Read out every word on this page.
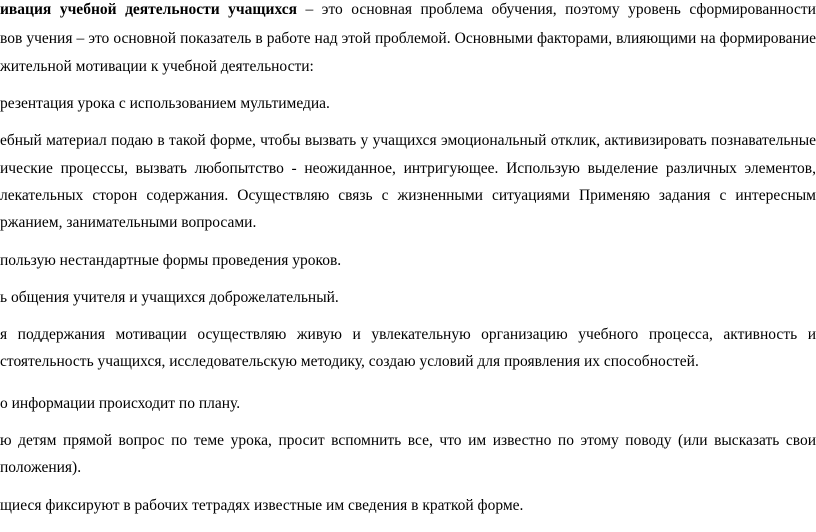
ивация учебной деятельности учащихся – это основная проблема обучения, поэтому уровень сформированности

вов учения – это основной показатель в работе над этой проблемой. Основными факторами, влияющими на формирование

жительной мотивации к учебной деятельности:

резентация урока с использованием мультимедиа.

ебный материал подаю в такой форме, чтобы вызвать у учащихся эмоциональный отклик, активизировать познавательные

ические процессы, вызвать любопытство - неожиданное, интригующее. Использую выделение различных элементов,

лекательных сторон содержания. Осуществляю связь с жизненными ситуациями Применяю задания с интересным

ржанием, занимательными вопросами.

пользую нестандартные формы проведения уроков.

ь общения учителя и учащихся доброжелательный.

я поддержания мотивации осуществляю живую и увлекательную организацию учебного процесса, активность и

стоятельность учащихся, исследовательскую методику, создаю условий для проявления их способностей.

о информации происходит по плану.

ю детям прямой вопрос по теме урока, просит вспомнить все, что им известно по этому поводу (или высказать свои

положения).

щиеся фиксируют в рабочих тетрадях известные им сведения в краткой форме.
